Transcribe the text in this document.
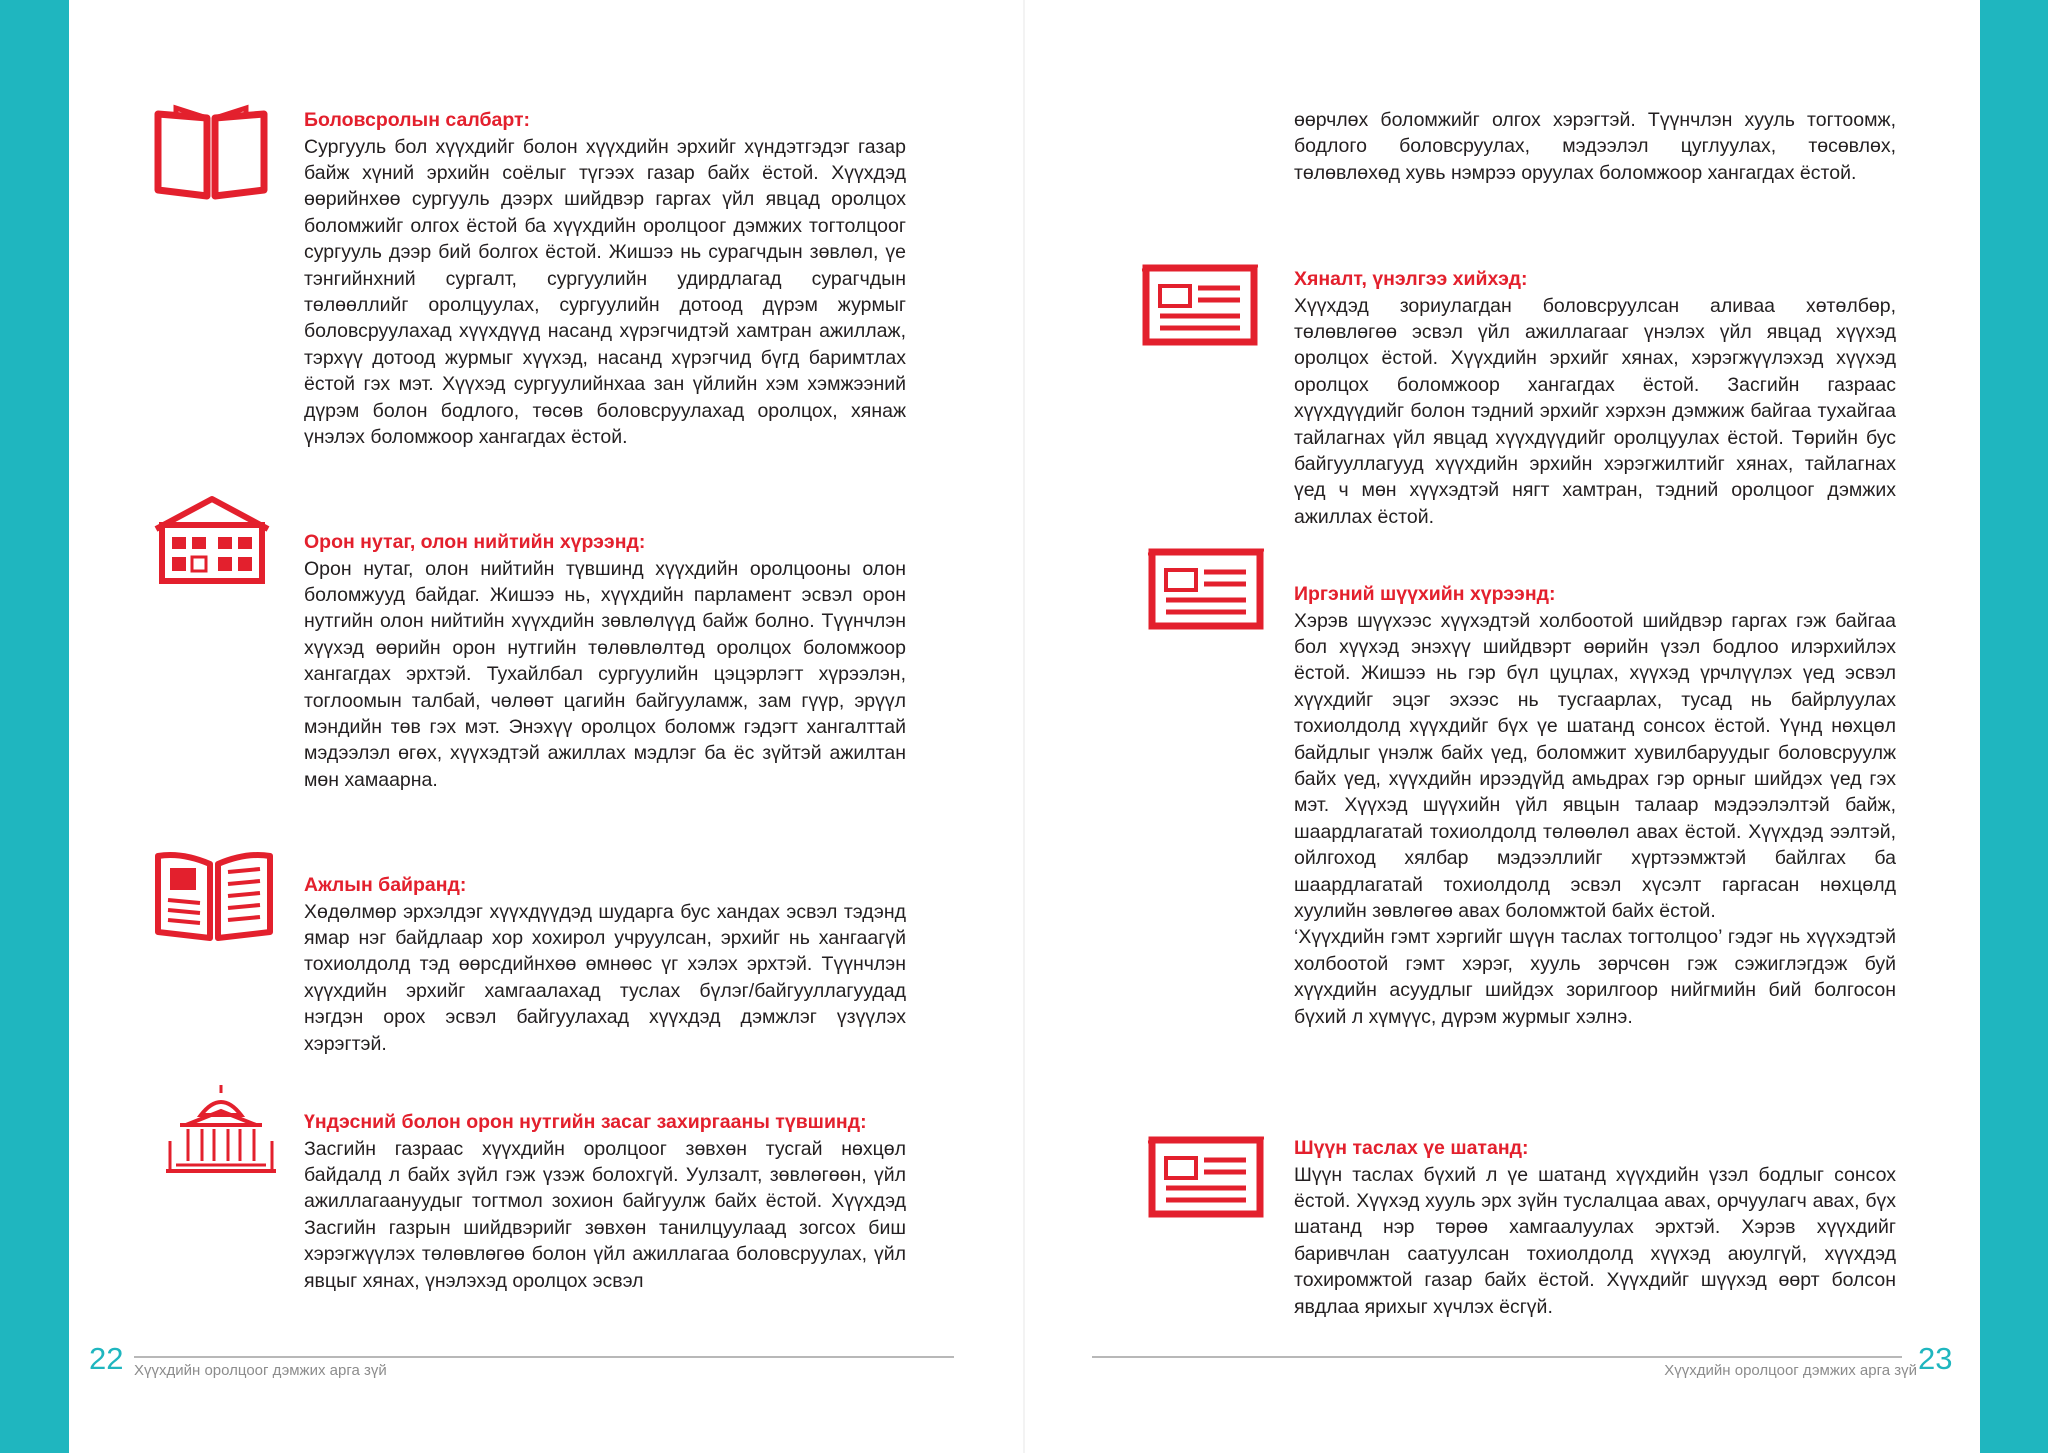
Боловсролын салбарт:

Сургууль бол хүүхдийг болон хүүхдийн эрхийг хүндэтгэдэг газар байж хүний эрхийн соёлыг түгээх газар байх ёстой. Хүүхдэд өөрийнхөө сургууль дээрх шийдвэр гаргах үйл явцад оролцох боломжийг олгох ёстой ба хүүхдийн оролцоог дэмжих тогтолцоог сургууль дээр бий болгох ёстой. Жишээ нь сурагчдын зөвлөл, үе тэнгийнхний сургалт, сургуулийн удирдлагад сурагчдын төлөөллийг оролцуулах, сургуулийн дотоод дүрэм журмыг боловсруулахад хүүхдүүд насанд хүрэгчидтэй хамтран ажиллаж, тэрхүү дотоод журмыг хүүхэд, насанд хүрэгчид бүгд баримтлах ёстой гэх мэт. Хүүхэд сургуулийнхаа зан үйлийн хэм хэмжээний дүрэм болон бодлого, төсөв боловсруулахад оролцох, хянаж үнэлэх боломжоор хангагдах ёстой.

Орон нутаг, олон нийтийн хүрээнд:

Орон нутаг, олон нийтийн түвшинд хүүхдийн оролцооны олон боломжууд байдаг. Жишээ нь, хүүхдийн парламент эсвэл орон нутгийн олон нийтийн хүүхдийн зөвлөлүүд байж болно. Түүнчлэн хүүхэд өөрийн орон нутгийн төлөвлөлтөд оролцох боломжоор хангагдах эрхтэй. Тухайлбал сургуулийн цэцэрлэгт хүрээлэн, тоглоомын талбай, чөлөөт цагийн байгууламж, зам гүүр, эрүүл мэндийн төв гэх мэт. Энэхүү оролцох боломж гэдэгт хангалттай мэдээлэл өгөх, хүүхэдтэй ажиллах мэдлэг ба ёс зүйтэй ажилтан мөн хамаарна.

Ажлын байранд:

Хөдөлмөр эрхэлдэг хүүхдүүдэд шударга бус хандах эсвэл тэдэнд ямар нэг байдлаар хор хохирол учруулсан, эрхийг нь хангаагүй тохиолдолд тэд өөрсдийнхөө өмнөөс үг хэлэх эрхтэй. Түүнчлэн хүүхдийн эрхийг хамгаалахад туслах бүлэг/байгууллагуудад нэгдэн орох эсвэл байгуулахад хүүхдэд дэмжлэг үзүүлэх хэрэгтэй.

Үндэсний болон орон нутгийн засаг захиргааны түвшинд:

Засгийн газраас хүүхдийн оролцоог зөвхөн тусгай нөхцөл байдалд л байх зүйл гэж үзэж болохгүй. Уулзалт, зөвлөгөөн, үйл ажиллагаануудыг тогтмол зохион байгуулж байх ёстой. Хүүхдэд Засгийн газрын шийдвэрийг зөвхөн танилцуулаад зогсох биш хэрэгжүүлэх төлөвлөгөө болон үйл ажиллагаа боловсруулах, үйл явцыг хянах, үнэлэхэд оролцох эсвэл

22 Хүүхдийн оролцоог дэмжих арга зүй

өөрчлөх боломжийг олгох хэрэгтэй. Түүнчлэн хууль тогтоомж, бодлого боловсруулах, мэдээлэл цуглуулах, төсөвлөх, төлөвлөхөд хувь нэмрээ оруулах боломжоор хангагдах ёстой.

Хяналт, үнэлгээ хийхэд:

Хүүхдэд зориулагдан боловсруулсан аливаа хөтөлбөр, төлөвлөгөө эсвэл үйл ажиллагааг үнэлэх үйл явцад хүүхэд оролцох ёстой. Хүүхдийн эрхийг хянах, хэрэгжүүлэхэд хүүхэд оролцох боломжоор хангагдах ёстой. Засгийн газраас хүүхдүүдийг болон тэдний эрхийг хэрхэн дэмжиж байгаа тухайгаа тайлагнах үйл явцад хүүхдүүдийг оролцуулах ёстой. Төрийн бус байгууллагууд хүүхдийн эрхийн хэрэгжилтийг хянах, тайлагнах үед ч мөн хүүхэдтэй нягт хамтран, тэдний оролцоог дэмжих ажиллах ёстой.

Иргэний шүүхийн хүрээнд:

Хэрэв шүүхээс хүүхэдтэй холбоотой шийдвэр гаргах гэж байгаа бол хүүхэд энэхүү шийдвэрт өөрийн үзэл бодлоо илэрхийлэх ёстой. Жишээ нь гэр бүл цуцлах, хүүхэд үрчлүүлэх үед эсвэл хүүхдийг эцэг эхээс нь тусгаарлах, тусад нь байрлуулах тохиолдолд хүүхдийг бүх үе шатанд сонсох ёстой. Үүнд нөхцөл байдлыг үнэлж байх үед, боломжит хувилбаруудыг боловсруулж байх үед, хүүхдийн ирээдүйд амьдрах гэр орныг шийдэх үед гэх мэт. Хүүхэд шүүхийн үйл явцын талаар мэдээлэлтэй байж, шаардлагатай тохиолдолд төлөөлөл авах ёстой. Хүүхдэд ээлтэй, ойлгоход хялбар мэдээллийг хүртээмжтэй байлгах ба шаардлагатай тохиолдолд эсвэл хүсэлт гаргасан нөхцөлд хуулийн зөвлөгөө авах боломжтой байх ёстой.

‘Хүүхдийн гэмт хэргийг шүүн таслах тогтолцоо’ гэдэг нь хүүхэдтэй холбоотой гэмт хэрэг, хууль зөрчсөн гэж сэжиглэгдэж буй хүүхдийн асуудлыг шийдэх зорилгоор нийгмийн бий болгосон бүхий л хүмүүс, дүрэм журмыг хэлнэ.

Шүүн таслах үе шатанд:

Шүүн таслах бүхий л үе шатанд хүүхдийн үзэл бодлыг сонсох ёстой. Хүүхэд хууль эрх зүйн туслалцаа авах, орчуулагч авах, бүх шатанд нэр төрөө хамгаалуулах эрхтэй. Хэрэв хүүхдийг баривчлан саатуулсан тохиолдолд хүүхэд аюулгүй, хүүхдэд тохиромжтой газар байх ёстой. Хүүхдийг шүүхэд өөрт болсон явдлаа ярихыг хүчлэх ёсгүй.

Хүүхдийн оролцоог дэмжих арга зүй 23
